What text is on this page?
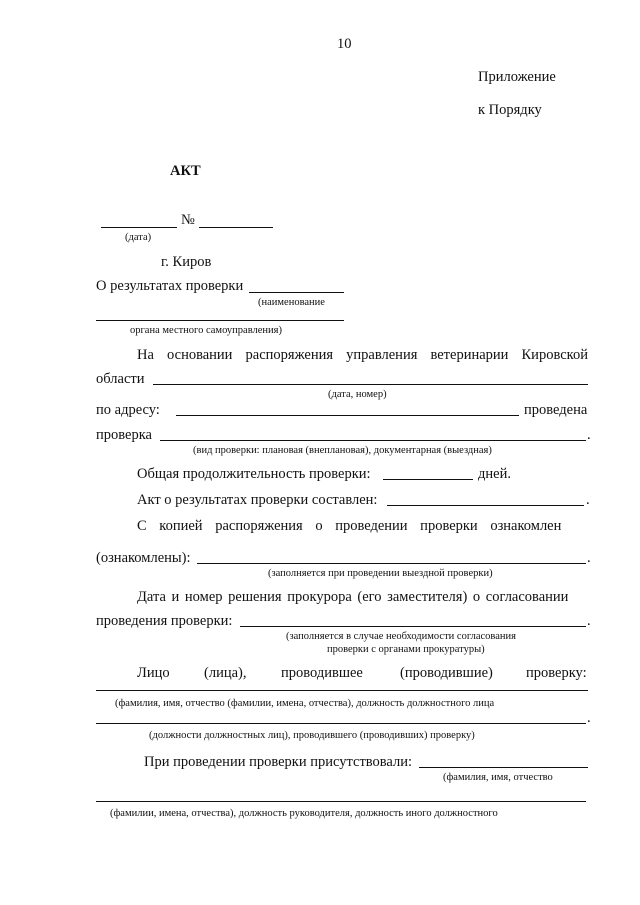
10
Приложение
к Порядку
АКТ
№
(дата)
г. Киров
О результатах проверки
(наименование
органа местного самоуправления)
На основании распоряжения управления ветеринарии Кировской
области
(дата, номер)
по адресу:	проведена
проверка	.
(вид проверки: плановая (внеплановая), документарная (выездная)
Общая продолжительность проверки:	дней.
Акт о результатах проверки составлен:	.
С копией распоряжения о проведении проверки ознакомлен
(ознакомлены):	.
(заполняется при проведении выездной проверки)
Дата и номер решения прокурора (его заместителя) о согласовании
проведения проверки:	.
(заполняется в случае необходимости согласования
проверки с органами прокуратуры)
Лицо (лица), проводившее	(проводившие) проверку:
(фамилия, имя, отчество (фамилии, имена, отчества), должность должностного лица
.
(должности должностных лиц), проводившего (проводивших) проверку)
При проведении проверки присутствовали:
(фамилия, имя, отчество
(фамилии, имена, отчества), должность руководителя, должность иного должностного
